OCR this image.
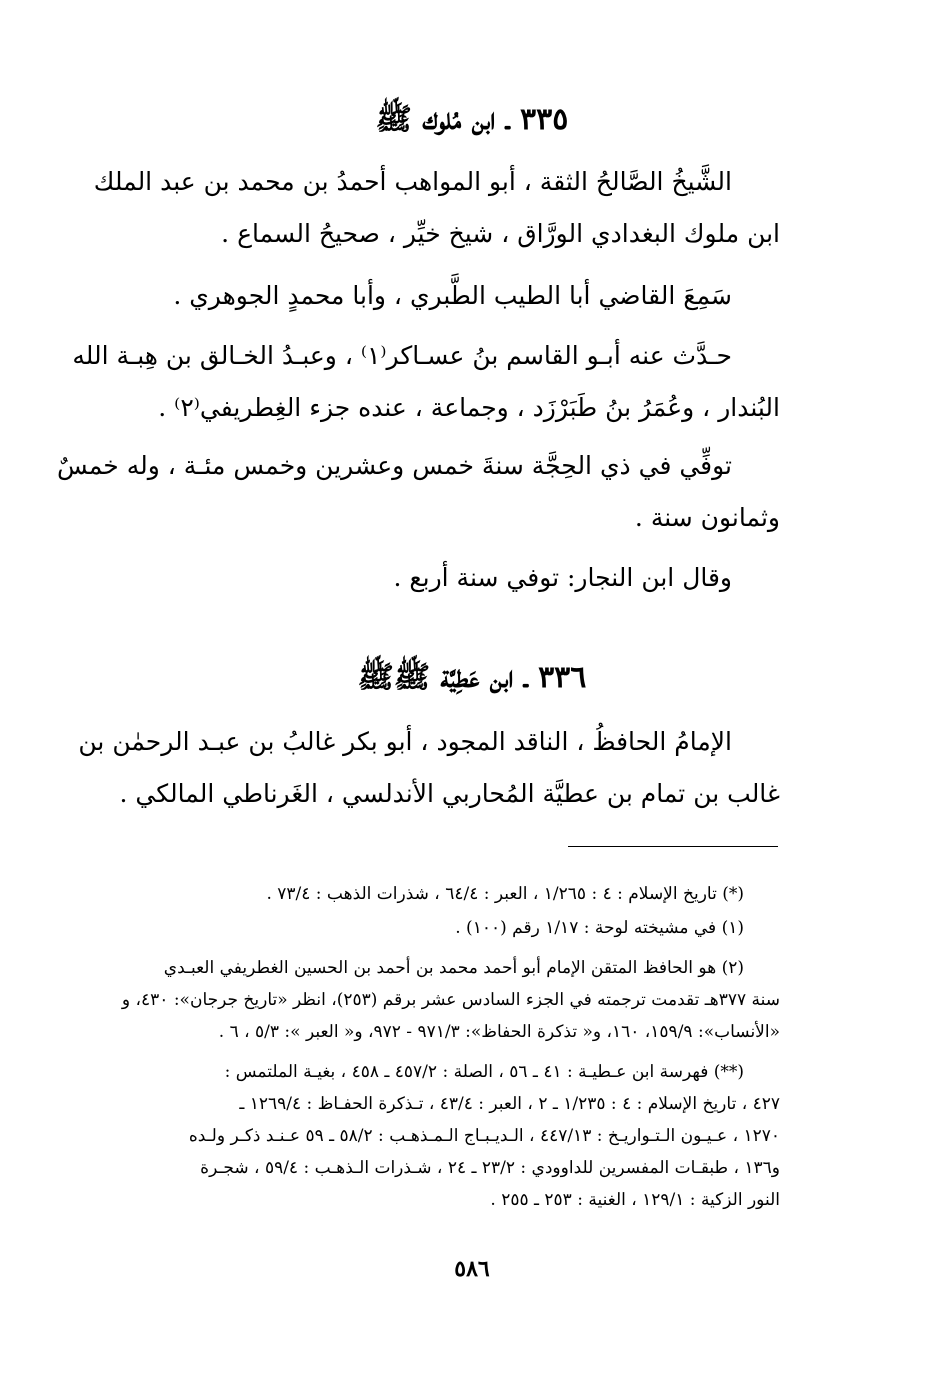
٣٣٥ ـ ابن مُلوك ﷺ
الشَّيخُ الصَّالحُ الثقة ، أبو المواهب أحمدُ بن محمد بن عبد الملك
ابن ملوك البغدادي الورَّاق ، شيخ خيِّر ، صحيحُ السماع .
سَمِعَ القاضي أبا الطيب الطَّبري ، وأبا محمدٍ الجوهري .
حـدَّث عنه أبـو القاسم بنُ عسـاكر⁽١⁾ ، وعبـدُ الخـالق بن هِبـة الله
البُندار ، وعُمَرُ بنُ طَبَرْزَد ، وجماعة ، عنده جزء الغِطريفي⁽٢⁾ .
توفِّي في ذي الحِجَّة سنةَ خمس وعشرين وخمس مئـة ، وله خمسٌ
وثمانون سنة .
وقال ابن النجار: توفي سنة أربع .
٣٣٦ ـ ابن عَطِيَّة ﷺﷺ
الإمامُ الحافظُ ، الناقد المجود ، أبو بكر غالبُ بن عبـد الرحمٰن بن
غالب بن تمام بن عطيَّة المُحاربي الأندلسي ، الغَرناطي المالكي .
(*) تاريخ الإسلام : ٤ : ١/٢٦٥ ، العبر : ٦٤/٤ ، شذرات الذهب : ٧٣/٤ .
(١) في مشيخته لوحة : ١/١٧ رقم (١٠٠) .
(٢) هو الحافظ المتقن الإمام أبو أحمد محمد بن أحمد بن الحسين الغطريفي العبـدي
سنة ٣٧٧هـ تقدمت ترجمته في الجزء السادس عشر برقم (٢٥٣)، انظر «تاريخ جرجان»: ٤٣٠، و
«الأنساب»: ١٥٩/٩، ١٦٠، و« تذكرة الحفاظ»: ٩٧١/٣ - ٩٧٢، و« العبر »: ٥/٣ ، ٦ .
(**) فهرسة ابن عـطيـة : ٤١ ـ ٥٦ ، الصلة : ٤٥٧/٢ ـ ٤٥٨ ، بغيـة الملتمس :
٤٢٧ ، تاريخ الإسلام : ٤ : ١/٢٣٥ ـ ٢ ، العبر : ٤٣/٤ ، تـذكرة الحفـاظ : ١٢٦٩/٤ ـ
١٢٧٠ ، عـيـون الـتـواريـخ : ٤٤٧/١٣ ، الـديـبـاج الـمـذهـب : ٥٨/٢ ـ ٥٩ عـنـد ذكـر ولـده
و١٣٦ ، طبقـات المفسرين للداوودي : ٢٣/٢ ـ ٢٤ ، شـذرات الـذهـب : ٥٩/٤ ، شجـرة
النور الزكية : ١٢٩/١ ، الغنية : ٢٥٣ ـ ٢٥٥ .
٥٨٦
